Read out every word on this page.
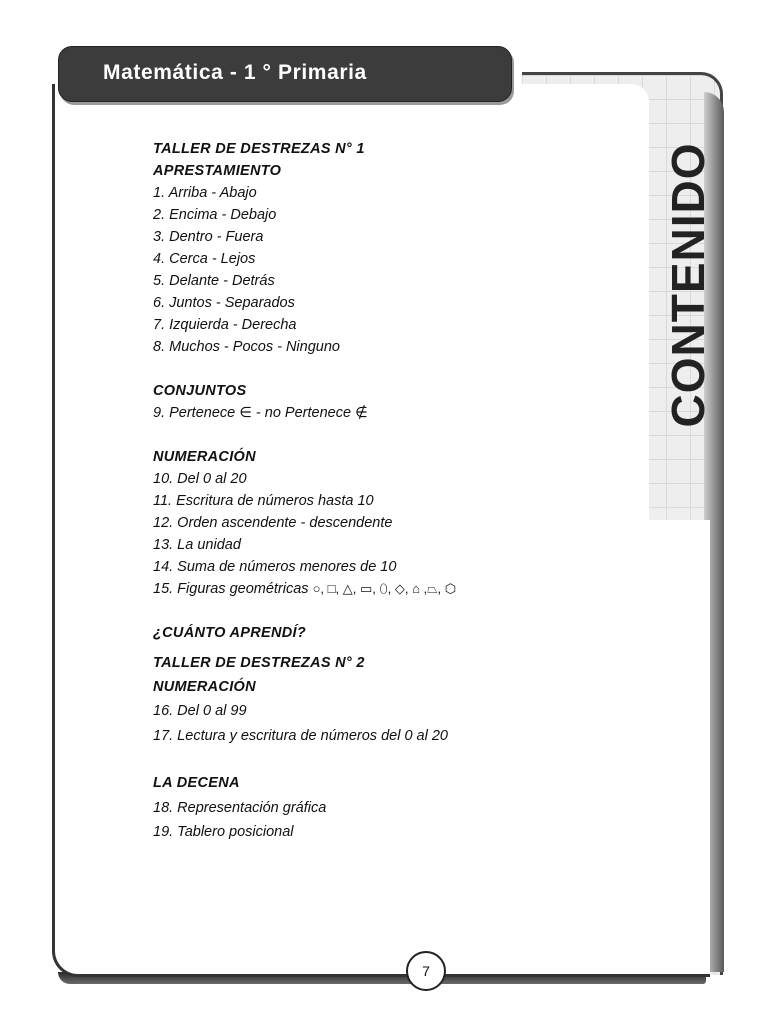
Matemática - 1 ° Primaria
CONTENIDO
TALLER DE DESTREZAS N° 1
APRESTAMIENTO
1. Arriba - Abajo
2. Encima - Debajo
3. Dentro - Fuera
4. Cerca - Lejos
5. Delante - Detrás
6. Juntos - Separados
7. Izquierda - Derecha
8. Muchos - Pocos - Ninguno
CONJUNTOS
9. Pertenece ∈ - no Pertenece ∉
NUMERACIÓN
10. Del 0 al 20
11. Escritura de números hasta 10
12. Orden ascendente - descendente
13. La unidad
14. Suma de números menores de 10
15. Figuras geométricas ○, □, △, ▭, ⬯, ◇, ⌂ ,⏢, ⬡
¿CUÁNTO APRENDÍ?
TALLER DE DESTREZAS N° 2
NUMERACIÓN
16. Del 0 al 99
17. Lectura y escritura de números del 0 al 20
LA DECENA
18. Representación gráfica
19. Tablero posicional
7
